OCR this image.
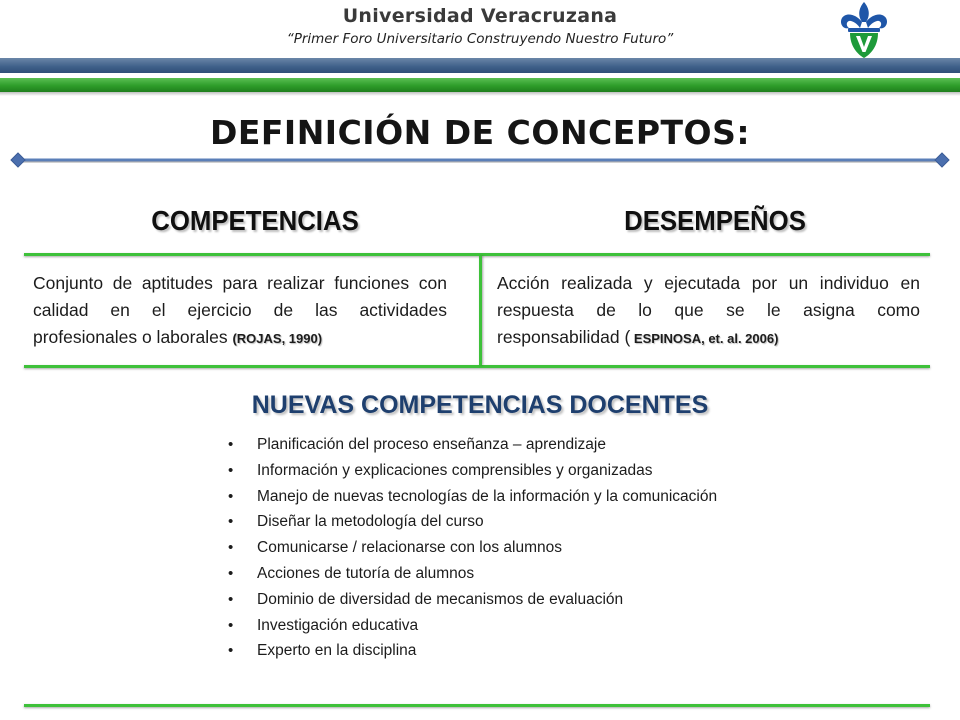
Universidad Veracruzana
“Primer Foro Universitario Construyendo Nuestro Futuro”
DEFINICIÓN DE CONCEPTOS:
COMPETENCIAS	DESEMPEÑOS
Conjunto de aptitudes para realizar funciones con calidad en el ejercicio de las actividades profesionales o laborales (ROJAS, 1990)
Acción realizada y ejecutada por un individuo en respuesta de lo que se le asigna como responsabilidad ( ESPINOSA, et. al. 2006)
NUEVAS COMPETENCIAS DOCENTES
• Planificación del proceso enseñanza – aprendizaje
• Información y explicaciones comprensibles y organizadas
• Manejo de nuevas tecnologías de la información y la comunicación
• Diseñar la metodología del curso
• Comunicarse / relacionarse con los alumnos
• Acciones de tutoría de alumnos
• Dominio de diversidad de mecanismos de evaluación
• Investigación educativa
• Experto en la disciplina
